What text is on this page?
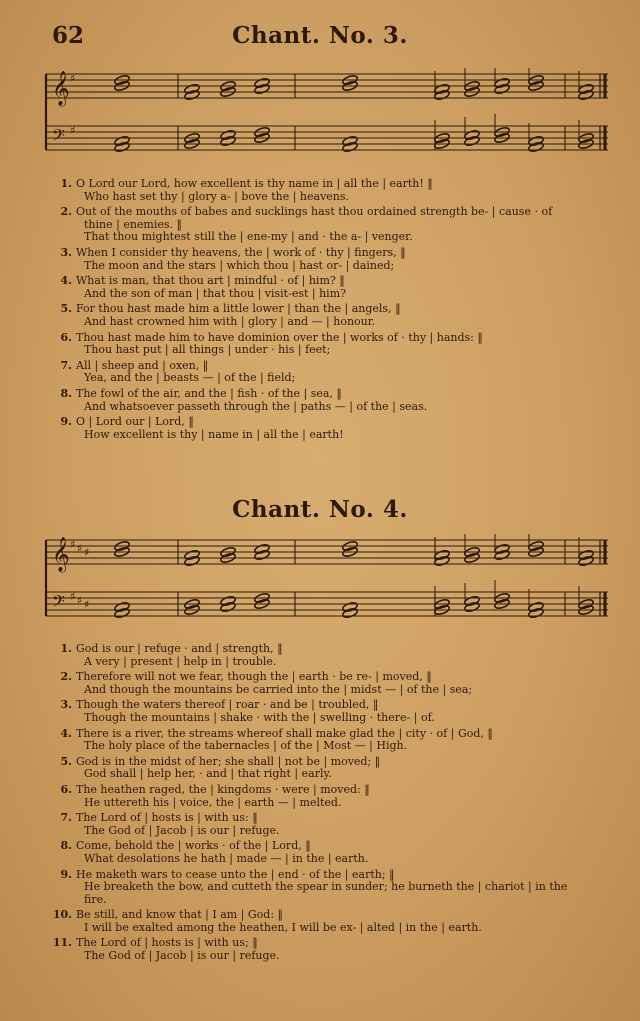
62	Chant. No. 3.
𝄞 ♯
𝄢 ♯
1. O Lord our Lord, how excellent is thy name in | all the | earth! ‖
Who hast set thy | glory a- | bove the | heavens.
2. Out of the mouths of babes and sucklings hast thou ordained strength be- | cause · of
thine | enemies. ‖
That thou mightest still the | ene-my | and · the a- | venger.
3. When I consider thy heavens, the | work of · thy | fingers, ‖
The moon and the stars | which thou | hast or- | dained;
4. What is man, that thou art | mindful · of | him? ‖
And the son of man | that thou | visit-est | him?
5. For thou hast made him a little lower | than the | angels, ‖
And hast crowned him with | glory | and — | honour.
6. Thou hast made him to have dominion over the | works of · thy | hands: ‖
Thou hast put | all things | under · his | feet;
7. All | sheep and | oxen, ‖
Yea, and the | beasts — | of the | field;
8. The fowl of the air, and the | fish · of the | sea, ‖
And whatsoever passeth through the | paths — | of the | seas.
9. O | Lord our | Lord, ‖
How excellent is thy | name in | all the | earth!
Chant. No. 4.
𝄞 ♯ ♯ ♯
𝄢 ♯ ♯ ♯
1. God is our | refuge · and | strength, ‖
A very | present | help in | trouble.
2. Therefore will not we fear, though the | earth · be re- | moved, ‖
And though the mountains be carried into the | midst — | of the | sea;
3. Though the waters thereof | roar · and be | troubled, ‖
Though the mountains | shake · with the | swelling · there- | of.
4. There is a river, the streams whereof shall make glad the | city · of | God, ‖
The holy place of the tabernacles | of the | Most — | High.
5. God is in the midst of her; she shall | not be | moved; ‖
God shall | help her, · and | that right | early.
6. The heathen raged, the | kingdoms · were | moved: ‖
He uttereth his | voice, the | earth — | melted.
7. The Lord of | hosts is | with us: ‖
The God of | Jacob | is our | refuge.
8. Come, behold the | works · of the | Lord, ‖
What desolations he hath | made — | in the | earth.
9. He maketh wars to cease unto the | end · of the | earth; ‖
He breaketh the bow, and cutteth the spear in sunder; he burneth the | chariot | in the
fire.
10. Be still, and know that | I am | God: ‖
I will be exalted among the heathen, I will be ex- | alted | in the | earth.
11. The Lord of | hosts is | with us; ‖
The God of | Jacob | is our | refuge.
